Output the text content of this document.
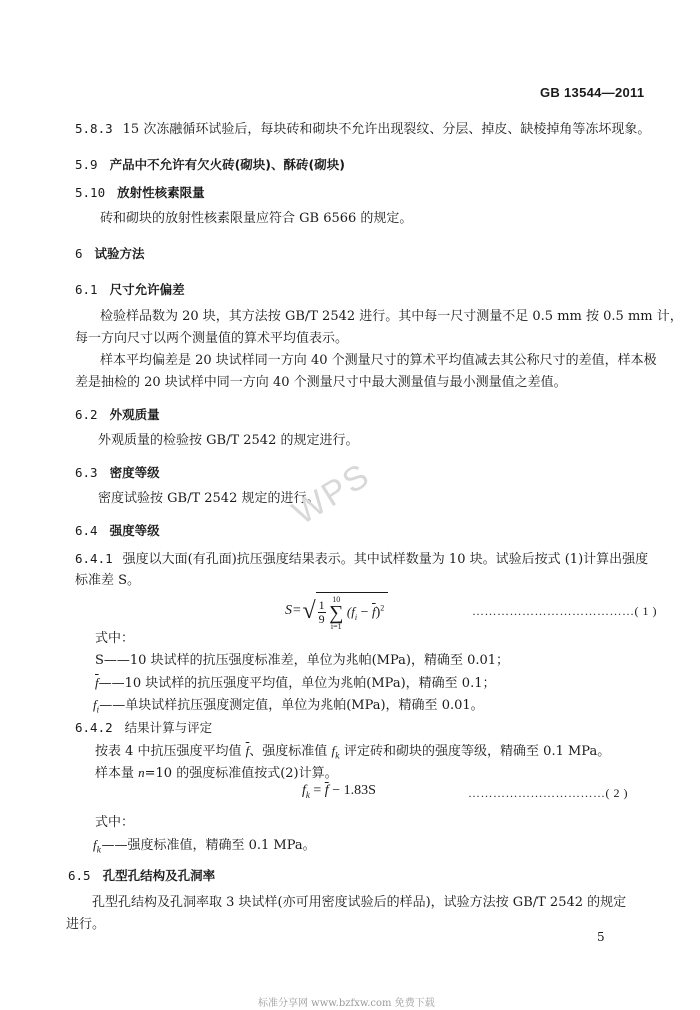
GB 13544—2011
5.8.3 15 次冻融循环试验后，每块砖和砌块不允许出现裂纹、分层、掉皮、缺棱掉角等冻坏现象。
5.9 产品中不允许有欠火砖(砌块)、酥砖(砌块)
5.10 放射性核素限量
砖和砌块的放射性核素限量应符合 GB 6566 的规定。
6 试验方法
6.1 尺寸允许偏差
检验样品数为 20 块，其方法按 GB/T 2542 进行。其中每一尺寸测量不足 0.5 mm 按 0.5 mm 计，
每一方向尺寸以两个测量值的算术平均值表示。
样本平均偏差是 20 块试样同一方向 40 个测量尺寸的算术平均值减去其公称尺寸的差值，样本极
差是抽检的 20 块试样中同一方向 40 个测量尺寸中最大测量值与最小测量值之差值。
6.2 外观质量
外观质量的检验按 GB/T 2542 的规定进行。
6.3 密度等级
密度试验按 GB/T 2542 规定的进行。
WPS
6.4 强度等级
6.4.1 强度以大面(有孔面)抗压强度结果表示。其中试样数量为 10 块。试验后按式 (1)计算出强度
标准差 S。
S= √ $\frac{1}{9} 10$
∑
i=1 $(f_i - \overline{f})^2$	…………………………………( 1 )
式中：
S——10 块试样的抗压强度标准差，单位为兆帕(MPa)，精确至 0.01；
$\overline{f}——10$ 块试样的抗压强度平均值，单位为兆帕(MPa)，精确至 0.1；
$f_i——$单块试样抗压强度测定值，单位为兆帕(MPa)，精确至 0.01。
6.4.2 结果计算与评定
按表 4 中抗压强度平均值 $\overline{f}$、强度标准值 $f_k$ 评定砖和砌块的强度等级，精确至 0.1 MPa。
样本量 n=10 的强度标准值按式(2)计算。
$f_k = \overline{f} - 1.83S$	……………………………( 2 )
式中：
$f_k——$强度标准值，精确至 0.1 MPa。
6.5 孔型孔结构及孔洞率
孔型孔结构及孔洞率取 3 块试样(亦可用密度试验后的样品)，试验方法按 GB/T 2542 的规定
进行。
5
标准分享网 www.bzfxw.com 免费下载
